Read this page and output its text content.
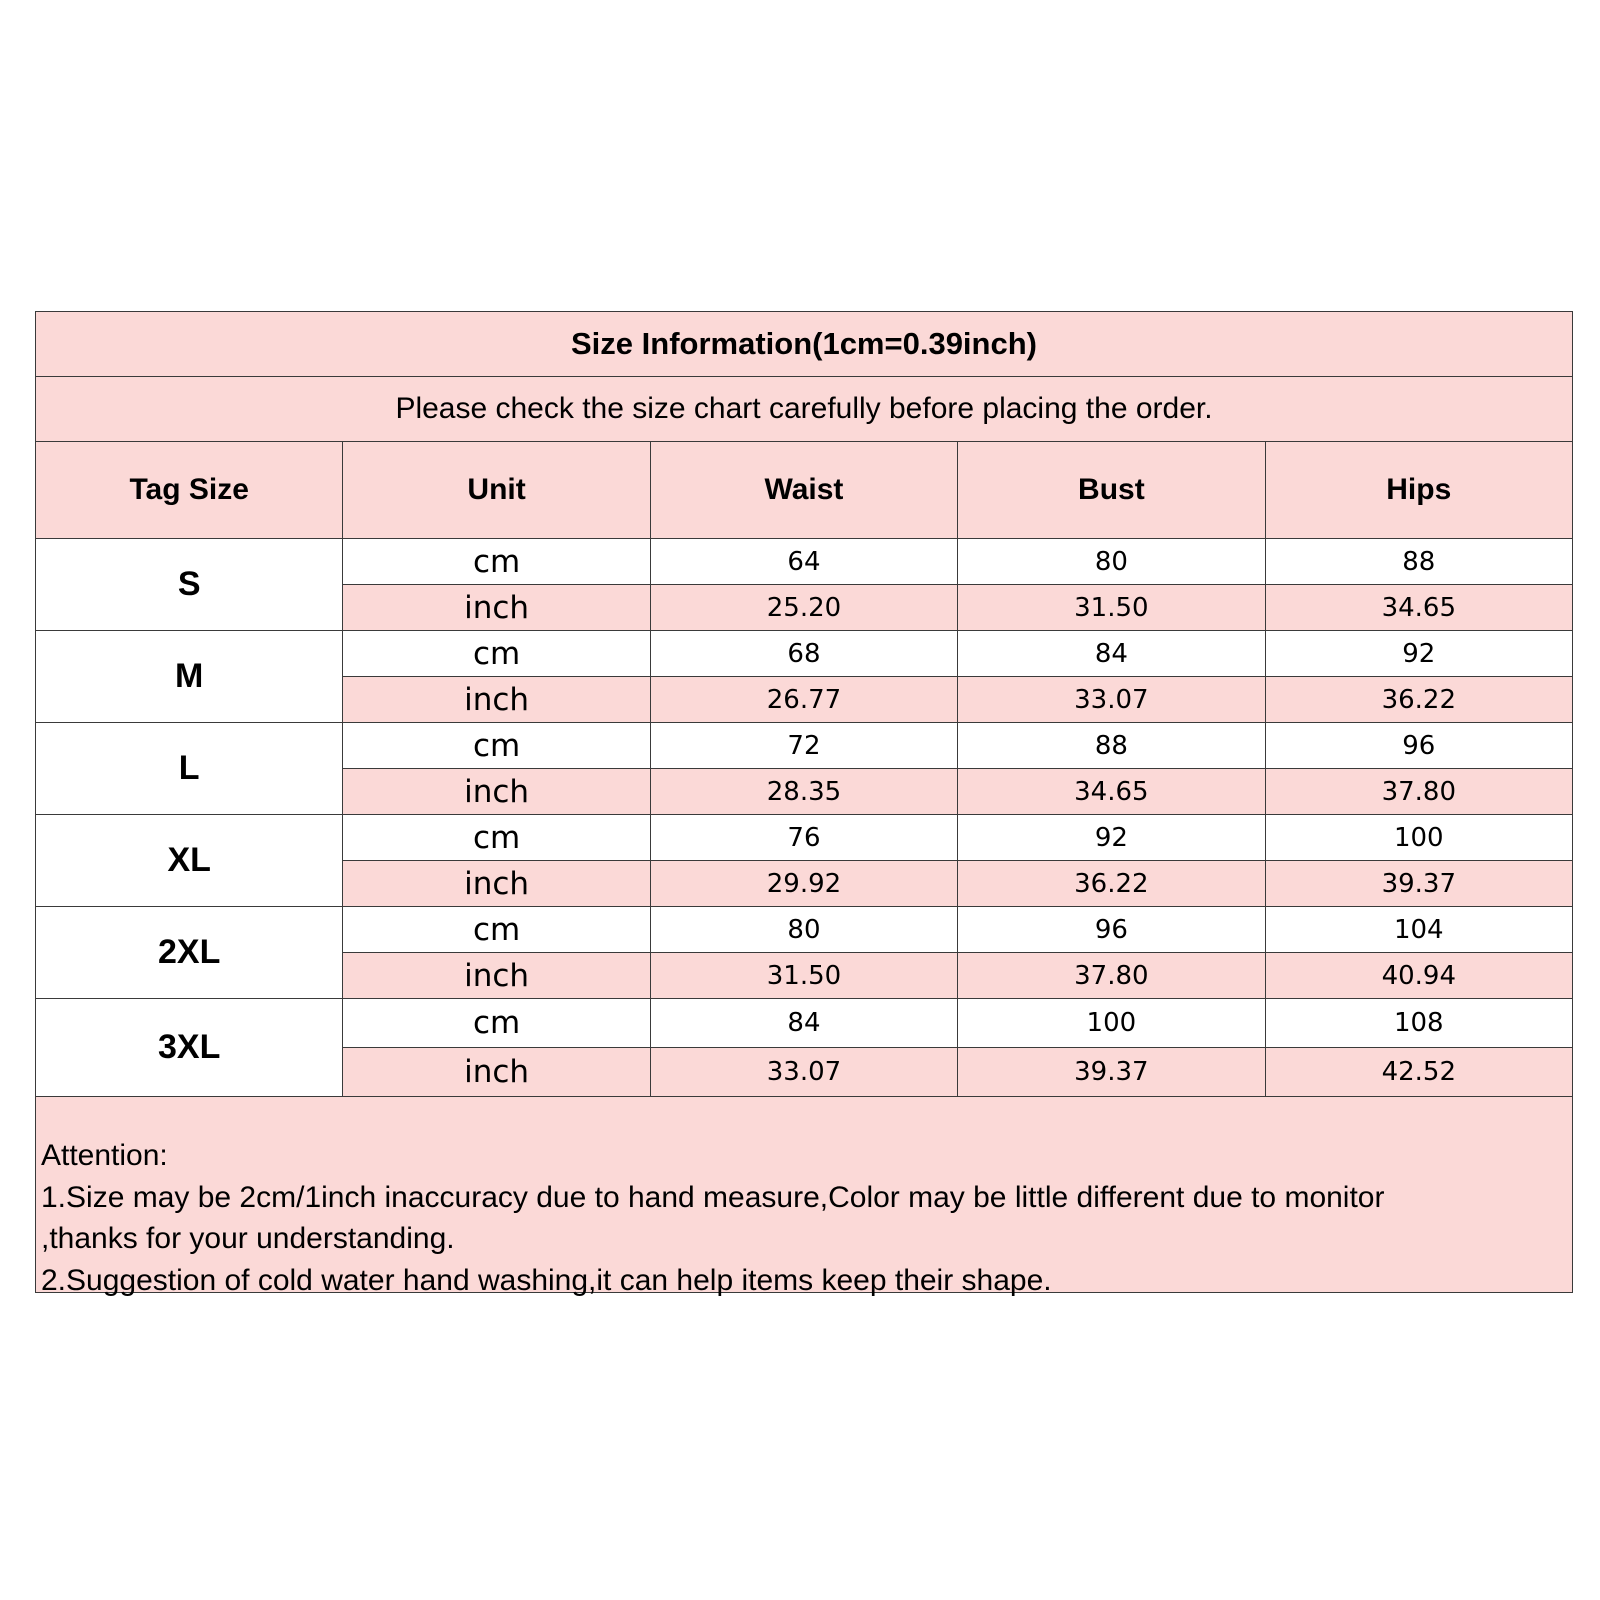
Size Information(1cm=0.39inch)				
Please check the size chart carefully before placing the order.				
Tag Size	Unit	Waist	Bust	Hips
S	cm	64	80	88
	inch	25.20	31.50	34.65
M	cm	68	84	92
	inch	26.77	33.07	36.22
L	cm	72	88	96
	inch	28.35	34.65	37.80
XL	cm	76	92	100
	inch	29.92	36.22	39.37
2XL	cm	80	96	104
	inch	31.50	37.80	40.94
3XL	cm	84	100	108
	inch	33.07	39.37	42.52
Attention:
1.Size may be 2cm/1inch inaccuracy due to hand measure,Color may be little different due to monitor
,thanks for your understanding.
2.Suggestion of cold water hand washing,it can help items keep their shape.
